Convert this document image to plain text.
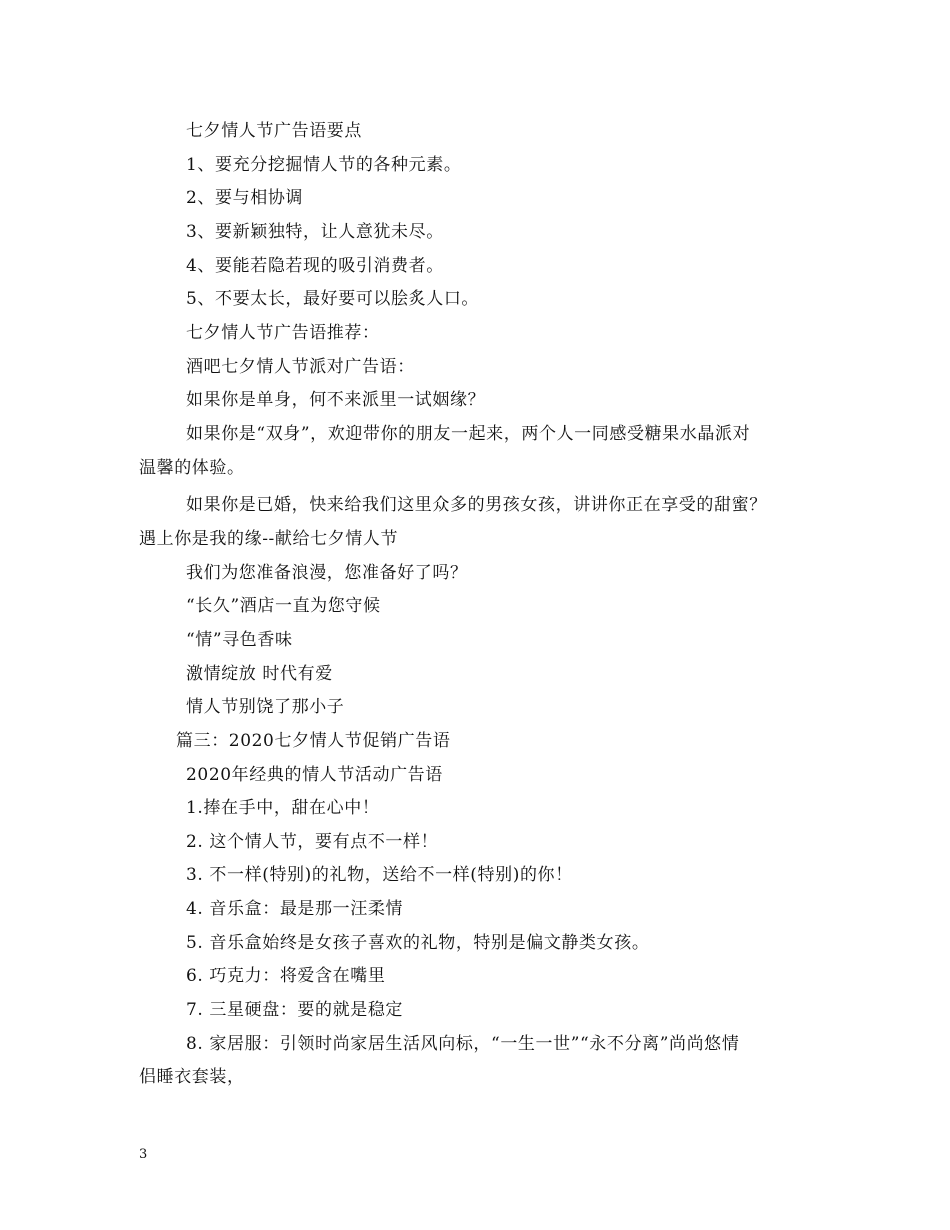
七夕情人节广告语要点
1、要充分挖掘情人节的各种元素。
2、要与相协调
3、要新颖独特，让人意犹未尽。
4、要能若隐若现的吸引消费者。
5、不要太长，最好要可以脍炙人口。
七夕情人节广告语推荐：
酒吧七夕情人节派对广告语：
如果你是单身，何不来派里一试姻缘？
如果你是“双身”，欢迎带你的朋友一起来，两个人一同感受糖果水晶派对
温馨的体验。
如果你是已婚，快来给我们这里众多的男孩女孩，讲讲你正在享受的甜蜜？
遇上你是我的缘--献给七夕情人节
我们为您准备浪漫，您准备好了吗？
“长久”酒店一直为您守候
“情”寻色香味
激情绽放 时代有爱
情人节别饶了那小子
篇三：2020七夕情人节促销广告语
2020年经典的情人节活动广告语
1.捧在手中，甜在心中！
2. 这个情人节，要有点不一样！
3. 不一样(特别)的礼物，送给不一样(特别)的你！
4. 音乐盒：最是那一汪柔情
5. 音乐盒始终是女孩子喜欢的礼物，特别是偏文静类女孩。
6. 巧克力：将爱含在嘴里
7. 三星硬盘：要的就是稳定
8. 家居服：引领时尚家居生活风向标，“一生一世”“永不分离”尚尚悠情
侣睡衣套装，
3
